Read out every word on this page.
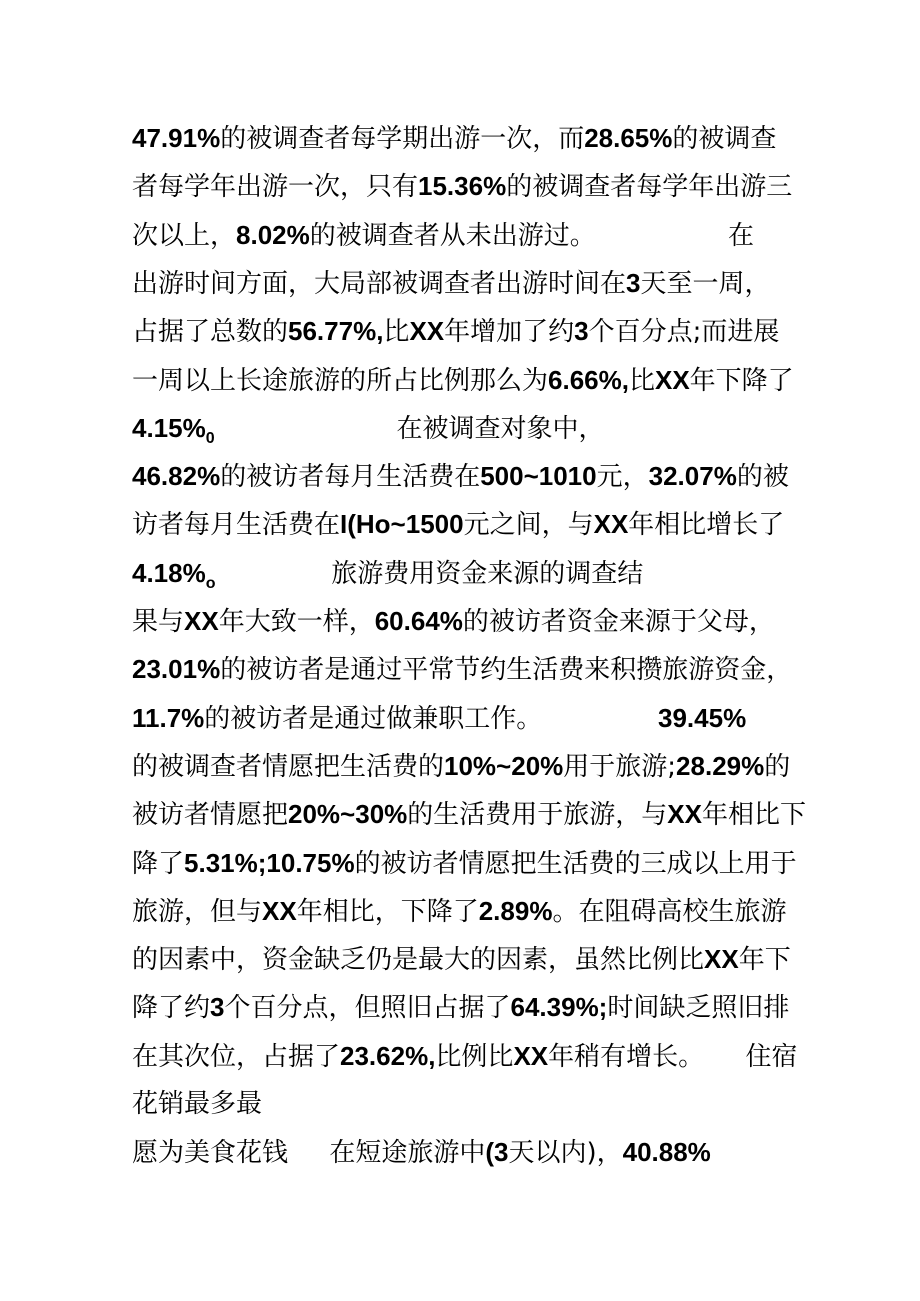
47.91%的被调查者每学期出游一次，而28.65%的被调查
者每学年出游一次，只有15.36%的被调查者每学年出游三
次以上，8.02%的被调查者从未出游过。                在
出游时间方面，大局部被调查者出游时间在3天至一周，
占据了总数的56.77%,比XX年增加了约3个百分点;而进展
一周以上长途旅游的所占比例那么为6.66%,比XX年下降了
$4.15\%_0$                      在被调查对象中，
46.82%的被访者每月生活费在500~1010元，32.07%的被
访者每月生活费在I(Ho~1500元之间，与XX年相比增长了
$4.18\%_o$              旅游费用资金来源的调查结
果与XX年大致一样，60.64%的被访者资金来源于父母，
23.01%的被访者是通过平常节约生活费来积攒旅游资金，
11.7%的被访者是通过做兼职工作。              39.45%
的被调查者情愿把生活费的10%~20%用于旅游;28.29%的
被访者情愿把20%~30%的生活费用于旅游，与XX年相比下
降了5.31%;10.75%的被访者情愿把生活费的三成以上用于
旅游，但与XX年相比，下降了2.89%。在阻碍高校生旅游
的因素中，资金缺乏仍是最大的因素，虽然比例比XX年下
降了约3个百分点，但照旧占据了64.39%;时间缺乏照旧排
在其次位，占据了23.62%,比例比XX年稍有增长。     住宿
花销最多最
愿为美食花钱     在短途旅游中(3天以内)，40.88%
